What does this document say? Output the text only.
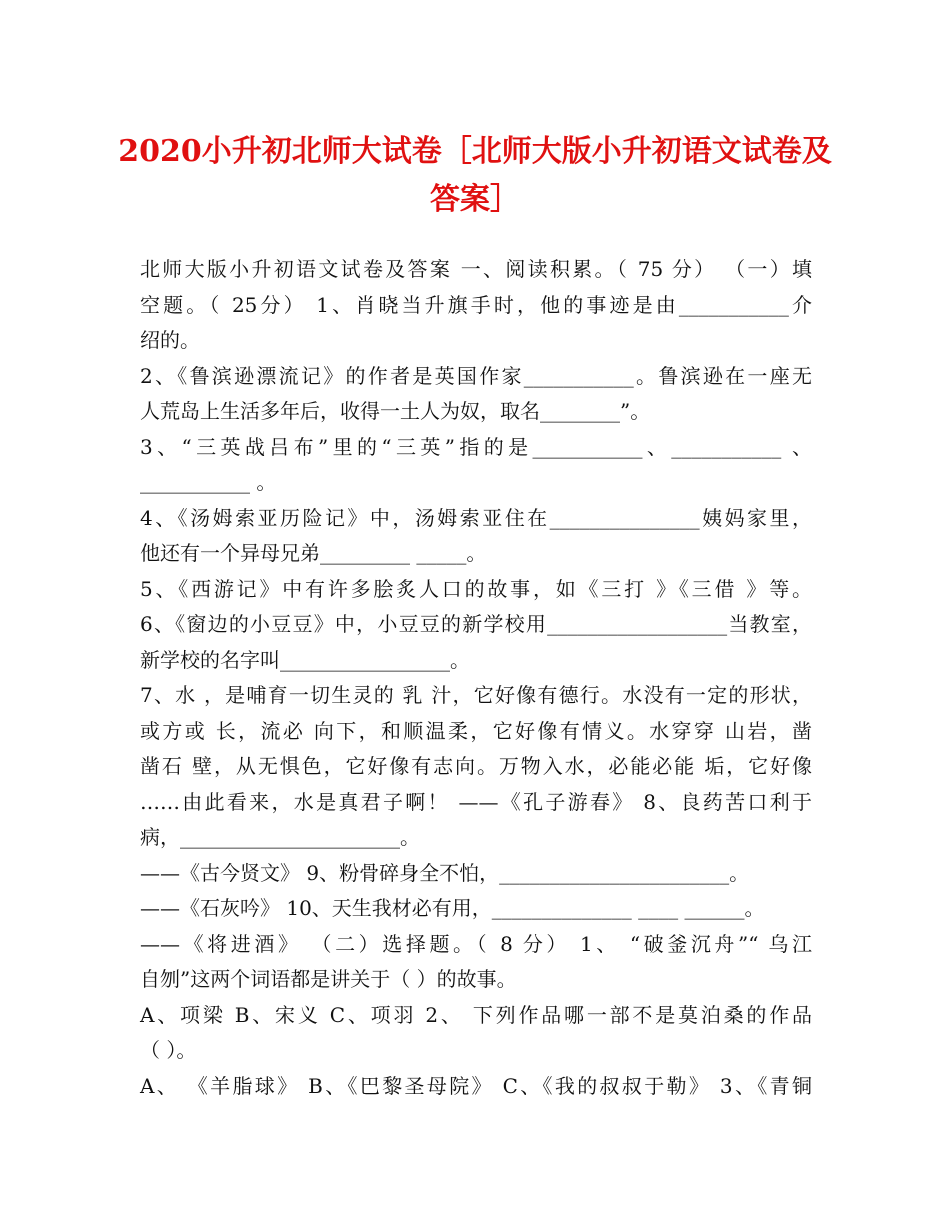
2020小升初北师大试卷［北师大版小升初语文试卷及
答案］
北师大版小升初语文试卷及答案 一、阅读积累。（ 75 分） （一）填
空题。（ 25分） 1、肖晓当升旗手时，他的事迹是由___________介
绍的。
2、《鲁滨逊漂流记》的作者是英国作家___________。鲁滨逊在一座无
人荒岛上生活多年后，收得一土人为奴，取名________”。
3、“三英战吕布”里的“三英”指的是___________、___________ 、
___________ 。
4、《汤姆索亚历险记》中，汤姆索亚住在_______________姨妈家里，
他还有一个异母兄弟_________ _____。
5、《西游记》中有许多脍炙人口的故事，如《三打 》《三借 》等。
6、《窗边的小豆豆》中，小豆豆的新学校用__________________当教室，
新学校的名字叫_________________。
7、水 ，是哺育一切生灵的 乳 汁，它好像有德行。水没有一定的形状，
或方或 长，流必 向下，和顺温柔，它好像有情义。水穿穿 山岩，凿
凿石 壁，从无惧色，它好像有志向。万物入水，必能必能 垢，它好像
……由此看来，水是真君子啊！ ——《孔子游春》 8、良药苦口利于
病，______________________。
——《古今贤文》 9、粉骨碎身全不怕，_______________________。
——《石灰吟》 10、天生我材必有用，______________ ____ ______。
——《将进酒》 （二）选择题。（ 8 分） 1、 “破釜沉舟”“ 乌江
自刎”这两个词语都是讲关于（ ）的故事。
A、项梁 B、宋义 C、项羽 2、 下列作品哪一部不是莫泊桑的作品
（ ）。
A、 《羊脂球》 B、《巴黎圣母院》 C、《我的叔叔于勒》 3、《青铜
